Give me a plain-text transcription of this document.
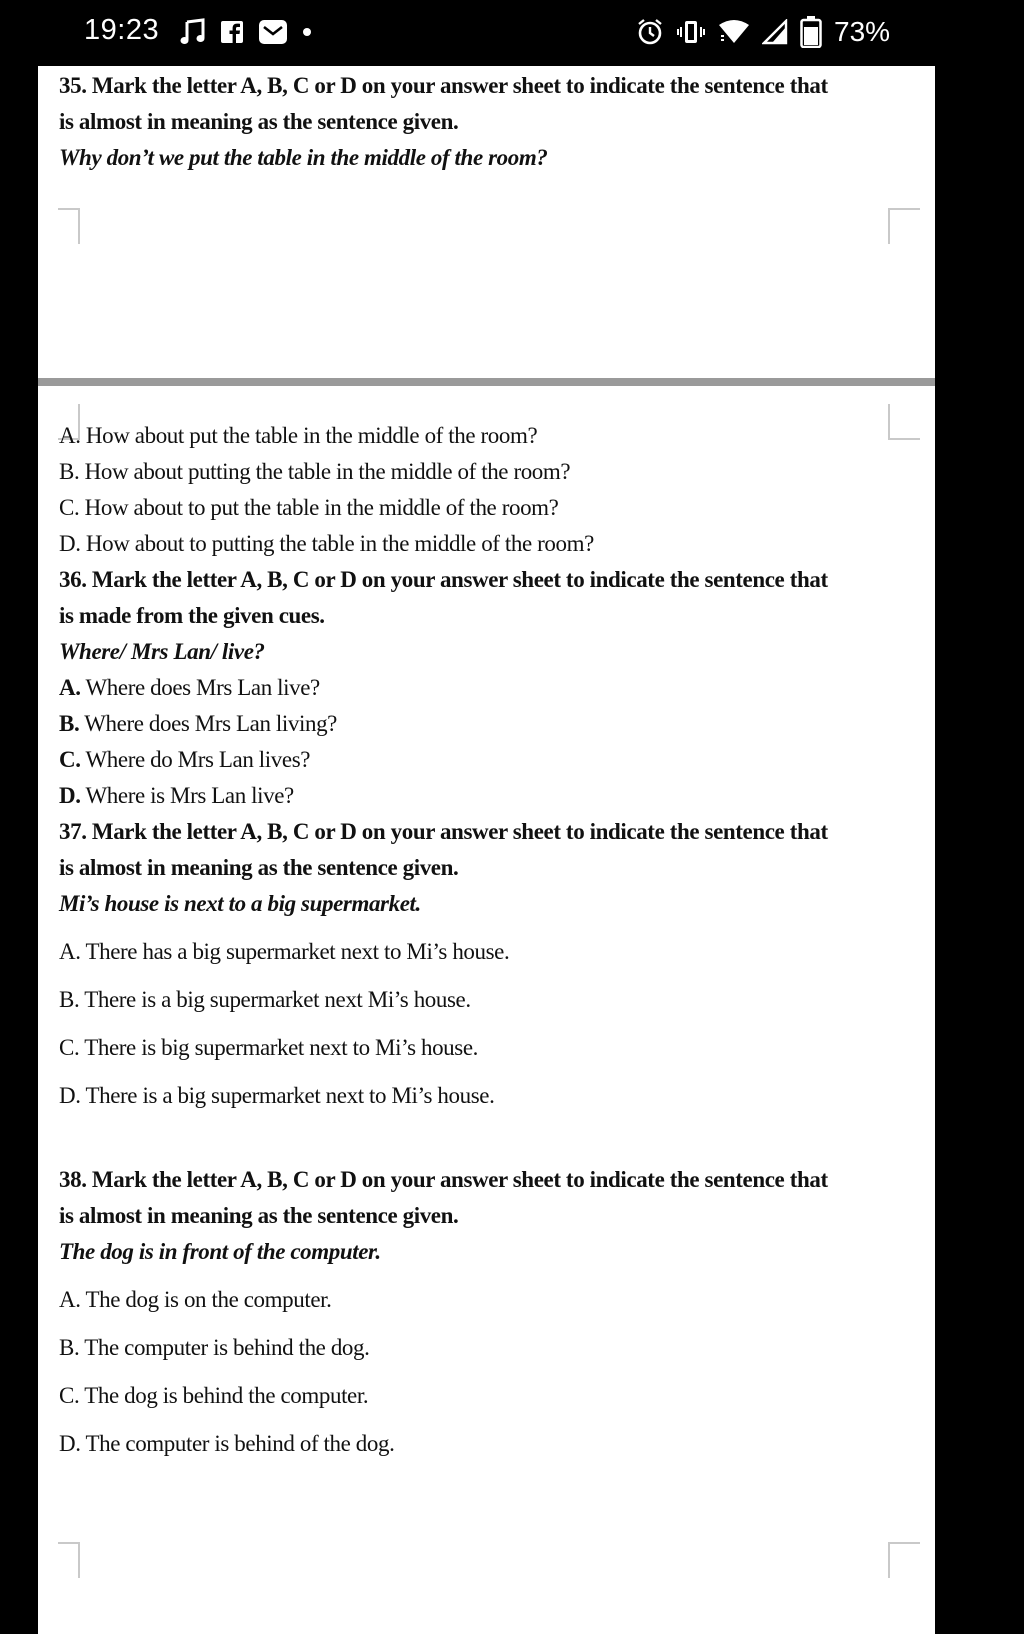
19:23	73%
35. Mark the letter A, B, C or D on your answer sheet to indicate the sentence that
is almost in meaning as the sentence given.
Why don’t we put the table in the middle of the room?
A. How about put the table in the middle of the room?
B. How about putting the table in the middle of the room?
C. How about to put the table in the middle of the room?
D. How about to putting the table in the middle of the room?
36. Mark the letter A, B, C or D on your answer sheet to indicate the sentence that
is made from the given cues.
Where/ Mrs Lan/ live?
A. Where does Mrs Lan live?
B. Where does Mrs Lan living?
C. Where do Mrs Lan lives?
D. Where is Mrs Lan live?
37. Mark the letter A, B, C or D on your answer sheet to indicate the sentence that
is almost in meaning as the sentence given.
Mi’s house is next to a big supermarket.
A. There has a big supermarket next to Mi’s house.
B. There is a big supermarket next Mi’s house.
C. There is big supermarket next to Mi’s house.
D. There is a big supermarket next to Mi’s house.
38. Mark the letter A, B, C or D on your answer sheet to indicate the sentence that
is almost in meaning as the sentence given.
The dog is in front of the computer.
A. The dog is on the computer.
B. The computer is behind the dog.
C. The dog is behind the computer.
D. The computer is behind of the dog.
